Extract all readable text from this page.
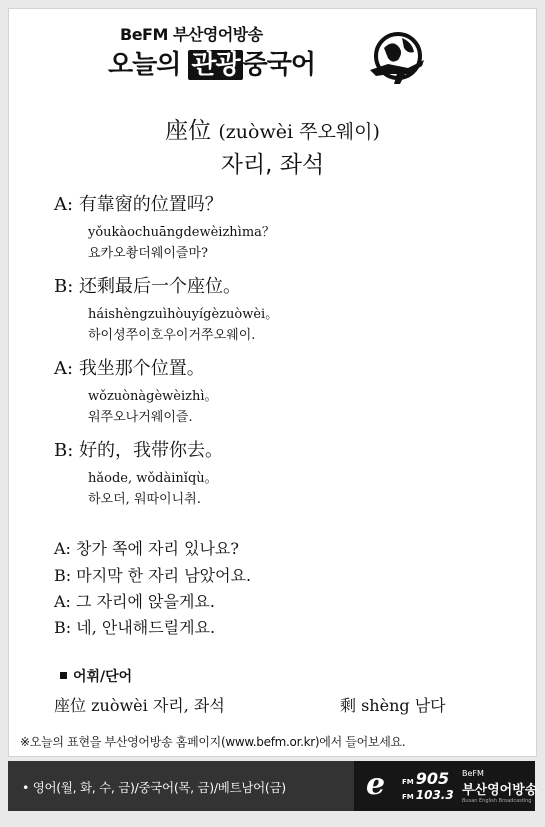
BeFM 부산영어방송
오늘의 관광 중국어
座位 (zuòwèi 쭈오웨이)
자리, 좌석
A: 有靠窗的位置吗？
yǒukàochuāngdewèizhìma？
요카오촹더웨이즐마?
B: 还剩最后一个座位。
háishèngzuìhòuyígèzuòwèi。
하이셩쭈이호우이거쭈오웨이.
A: 我坐那个位置。
wǒzuònàgèwèizhì。
워쭈오나거웨이즐.
B: 好的，我带你去。
hǎode, wǒdàinǐqù。
하오더, 워따이니취.
A: 창가 쪽에 자리 있나요?
B: 마지막 한 자리 남았어요.
A: 그 자리에 앉을게요.
B: 네, 안내해드릴게요.
어휘/단어
座位 zuòwèi 자리, 좌석	剩 shèng 남다
※오늘의 표현을 부산영어방송 홈페이지(www.befm.or.kr)에서 들어보세요.
• 영어(월, 화, 수, 금)/중국어(목, 금)/베트남어(금)	e FM 905
FM 103.3
BeFM
부산영어방송
Busan English Broadcasting
